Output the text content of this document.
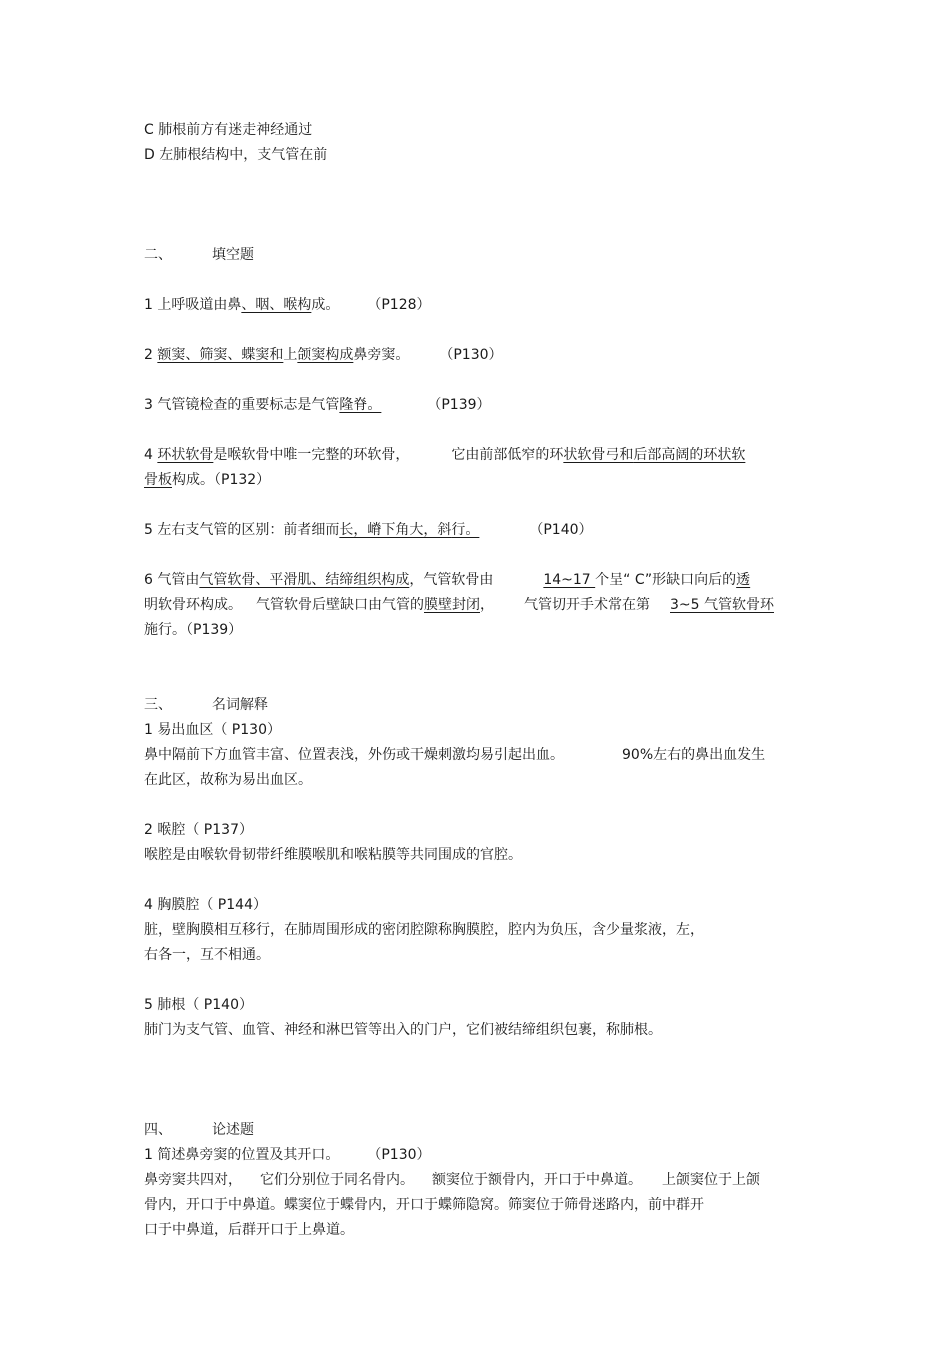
C 肺根前方有迷走神经通过
D 左肺根结构中，支气管在前
二、	填空题
1 上呼吸道由鼻、咽、喉构成。 （P128）
2 额窦、筛窦、蝶窦和上颌窦构成鼻旁窦。 （P130）
3 气管镜检查的重要标志是气管隆脊。	（P139）
4 环状软骨是喉软骨中唯一完整的环软骨，	它由前部低窄的环状软骨弓和后部高阔的环状软
骨板构成。（P132）
5 左右支气管的区别：前者细而长，嵴下角大，斜行。	（P140）
6 气管由气管软骨、平滑肌、结缔组织构成，气管软骨由	14~17 个呈“ C”形缺口向后的透
明软骨环构成。 气管软骨后壁缺口由气管的膜壁封闭， 气管切开手术常在第 3~5 气管软骨环
施行。（P139）
三、	名词解释
1 易出血区（ P130）
鼻中隔前下方血管丰富、位置表浅，外伤或干燥刺激均易引起出血。	90%左右的鼻出血发生
在此区，故称为易出血区。
2 喉腔（ P137）
喉腔是由喉软骨韧带纤维膜喉肌和喉粘膜等共同围成的官腔。
4 胸膜腔（ P144）
脏，壁胸膜相互移行，在肺周围形成的密闭腔隙称胸膜腔，腔内为负压，含少量浆液，左，
右各一，互不相通。
5 肺根（ P140）
肺门为支气管、血管、神经和淋巴管等出入的门户，它们被结缔组织包裹，称肺根。
四、	论述题
1 简述鼻旁窦的位置及其开口。 （P130）
鼻旁窦共四对， 它们分别位于同名骨内。 额窦位于额骨内，开口于中鼻道。 上颌窦位于上颌
骨内，开口于中鼻道。蝶窦位于蝶骨内，开口于蝶筛隐窝。筛窦位于筛骨迷路内，前中群开
口于中鼻道，后群开口于上鼻道。
